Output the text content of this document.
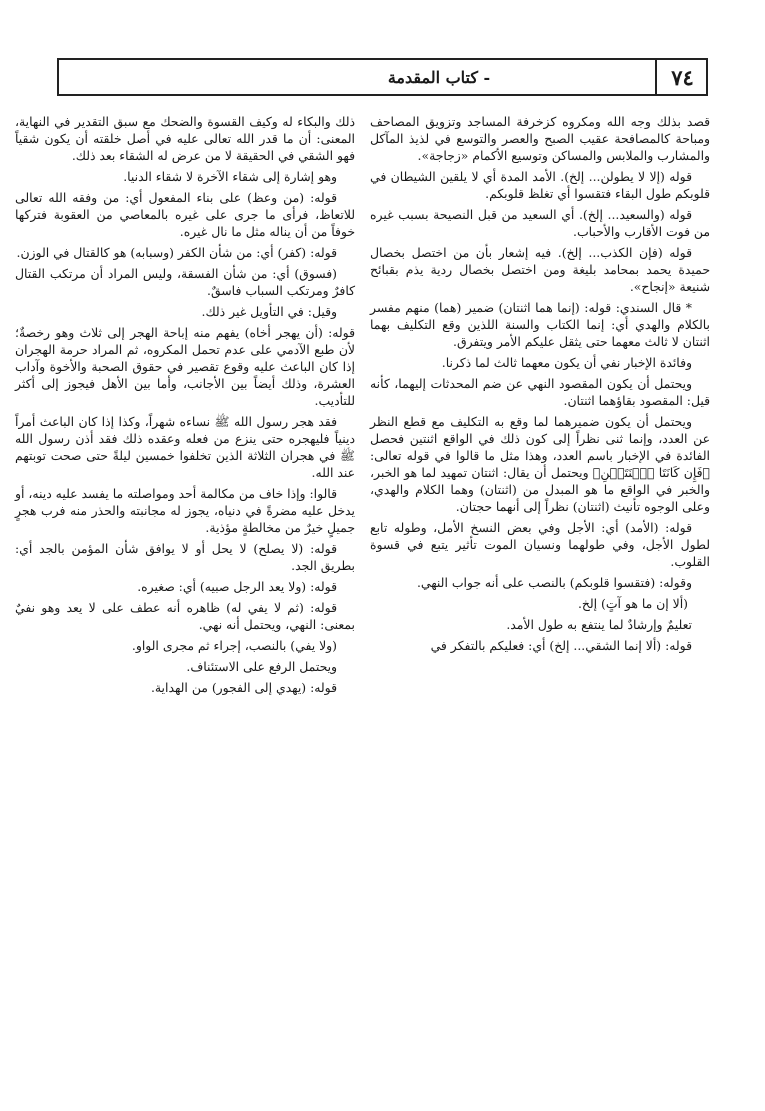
٧٤
- كتاب المقدمة

قصد بذلك وجه الله ومكروه كزخرفة المساجد وتزويق المصاحف ومباحة كالمصافحة عقيب الصبح والعصر والتوسع في لذيذ المآكل والمشارب والملابس والمساكن وتوسيع الأكمام «زجاجة».

قوله (إلا لا يطولن... إلخ). الأمد المدة أي لا يلقين الشيطان في قلوبكم طول البقاء فتقسوا أي تغلظ قلوبكم.

قوله (والسعيد... إلخ). أي السعيد من قبل النصيحة بسبب غيره من فوت الأقارب والأحباب.

قوله (فإن الكذب... إلخ). فيه إشعار بأن من اختصل بخصال حميدة يحمد بمحامد بليغة ومن اختصل بخصال ردية يذم بقبائح شنيعة «إنجاح».

* قال السندي: قوله: (إنما هما اثنتان) ضمير (هما) منهم مفسر بالكلام والهدي أي: إنما الكتاب والسنة اللذين وقع التكليف بهما اثنتان لا ثالث معهما حتى يثقل عليكم الأمر ويتفرق.

وفائدة الإخبار نفي أن يكون معهما ثالث لما ذكرنا.

ويحتمل أن يكون المقصود النهي عن ضم المحدثات إليهما، كأنه قيل: المقصود بقاؤهما اثنتان.

ويحتمل أن يكون ضميرهما لما وقع به التكليف مع قطع النظر عن العدد، وإنما ثنى نظراً إلى كون ذلك في الواقع اثنتين فحصل الفائدة في الإخبار باسم العدد، وهذا مثل ما قالوا في قوله تعالى: ﴿فَإِن كَانَتَا ٱثۡنَتَيۡنِ﴾ ويحتمل أن يقال: اثنتان تمهيد لما هو الخبر، والخبر في الواقع ما هو المبدل من (اثنتان) وهما الكلام والهدي، وعلى الوجوه تأنيث (اثنتان) نظراً إلى أنهما حجتان.

قوله: (الأمد) أي: الأجل وفي بعض النسخ الأمل، وطوله تابع لطول الأجل، وفي طولهما ونسيان الموت تأثير يتبع في قسوة القلوب.

وقوله: (فتقسوا قلوبكم) بالنصب على أنه جواب النهي.

(ألا إن ما هو آتٍ) إلخ.

تعليمٌ وإرشادٌ لما ينتفع به طول الأمد.

قوله: (ألا إنما الشقي... إلخ) أي: فعليكم بالتفكر في

ذلك والبكاء له وكيف القسوة والضحك مع سبق التقدير في النهاية، المعنى: أن ما قدر الله تعالى عليه في أصل خلقته أن يكون شقياً فهو الشقي في الحقيقة لا من عرض له الشقاء بعد ذلك.

وهو إشارة إلى شقاء الآخرة لا شقاء الدنيا.

قوله: (من وعظ) على بناء المفعول أي: من وفقه الله تعالى للاتعاظ، فرأى ما جرى على غيره بالمعاصي من العقوبة فتركها خوفاً من أن يناله مثل ما نال غيره.

قوله: (كفر) أي: من شأن الكفر (وسبابه) هو كالقتال في الوزن.

(فسوق) أي: من شأن الفسقة، وليس المراد أن مرتكب القتال كافرٌ ومرتكب السباب فاسقٌ.

وقيل: في التأويل غير ذلك.

قوله: (أن يهجر أخاه) يفهم منه إباحة الهجر إلى ثلاث وهو رخصةٌ؛ لأن طبع الآدمي على عدم تحمل المكروه، ثم المراد حرمة الهجران إذا كان الباعث عليه وقوع تقصير في حقوق الصحبة والأخوة وآداب العشرة، وذلك أيضاً بين الأجانب، وأما بين الأهل فيجوز إلى أكثر للتأديب.

فقد هجر رسول الله ﷺ نساءه شهراً، وكذا إذا كان الباعث أمراً دينياً فليهجره حتى ينزع من فعله وعقده ذلك فقد أذن رسول الله ﷺ في هجران الثلاثة الذين تخلفوا خمسين ليلةً حتى صحت توبتهم عند الله.

قالوا: وإذا خاف من مكالمة أحد ومواصلته ما يفسد عليه دينه، أو يدخل عليه مضرةً في دنياه، يجوز له مجانبته والحذر منه فرب هجرٍ جميلٍ خيرٌ من مخالطةٍ مؤذية.

قوله: (لا يصلح) لا يحل أو لا يوافق شأن المؤمن بالجد أي: بطريق الجد.

قوله: (ولا يعد الرجل صبيه) أي: صغيره.

قوله: (ثم لا يفي له) ظاهره أنه عطف على لا يعد وهو نفيٌ بمعنى: النهي، ويحتمل أنه نهي.

(ولا يفي) بالنصب، إجراء ثم مجرى الواو.

ويحتمل الرفع على الاستئناف.

قوله: (يهدي إلى الفجور) من الهداية.
